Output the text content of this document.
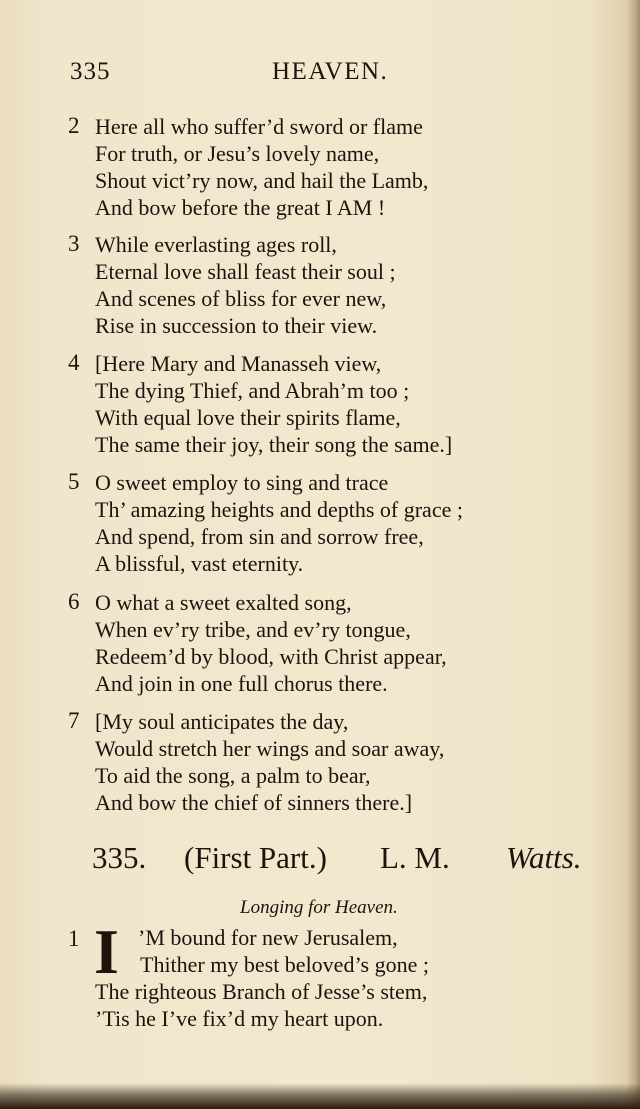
335	HEAVEN.
2 Here all who suffer’d sword or flame
For truth, or Jesu’s lovely name,
Shout vict’ry now, and hail the Lamb,
And bow before the great I AM !
3 While everlasting ages roll,
Eternal love shall feast their soul ;
And scenes of bliss for ever new,
Rise in succession to their view.
4 [Here Mary and Manasseh view,
The dying Thief, and Abrah’m too ;
With equal love their spirits flame,
The same their joy, their song the same.]
5 O sweet employ to sing and trace
Th’ amazing heights and depths of grace ;
And spend, from sin and sorrow free,
A blissful, vast eternity.
6 O what a sweet exalted song,
When ev’ry tribe, and ev’ry tongue,
Redeem’d by blood, with Christ appear,
And join in one full chorus there.
7 [My soul anticipates the day,
Would stretch her wings and soar away,
To aid the song, a palm to bear,
And bow the chief of sinners there.]
335. (First Part.) L. M. Watts.
Longing for Heaven.
1 I ’M bound for new Jerusalem,
Thither my best beloved’s gone ;
The righteous Branch of Jesse’s stem,
’Tis he I’ve fix’d my heart upon.
